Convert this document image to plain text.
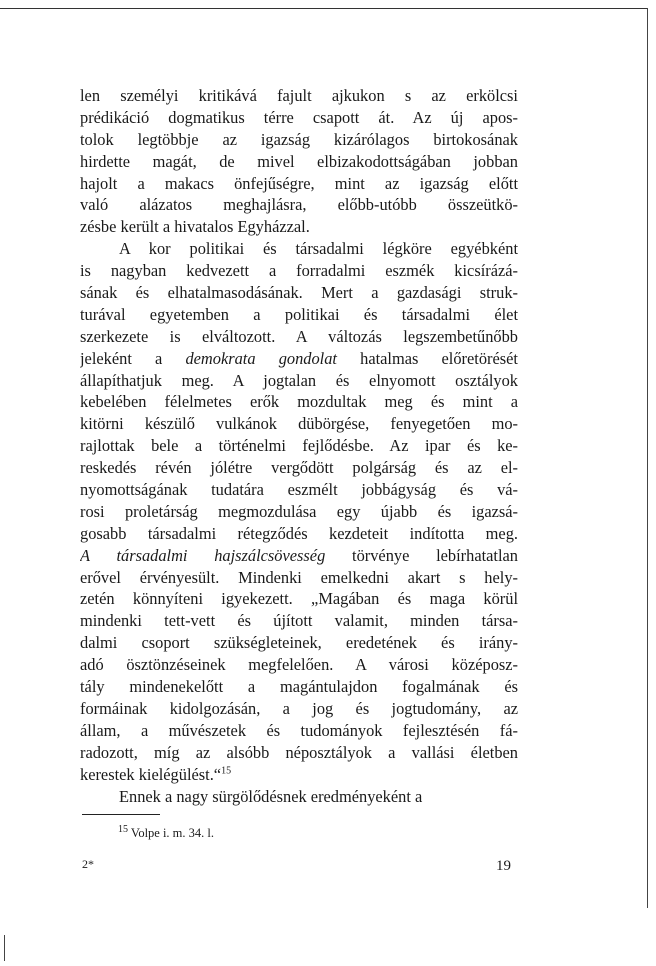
len személyi kritikává fajult ajkukon s az erkölcsi
prédikáció dogmatikus térre csapott át. Az új apos-
tolok legtöbbje az igazság kizárólagos birtokosának
hirdette magát, de mivel elbizakodottságában jobban
hajolt a makacs önfejűségre, mint az igazság előtt
való alázatos meghajlásra, előbb-utóbb összeütkö-
zésbe került a hivatalos Egyházzal.
A kor politikai és társadalmi légköre egyébként
is nagyban kedvezett a forradalmi eszmék kicsírázá-
sának és elhatalmasodásának. Mert a gazdasági struk-
turával egyetemben a politikai és társadalmi élet
szerkezete is elváltozott. A változás legszembetűnőbb
jeleként a demokrata gondolat hatalmas előretörését
állapíthatjuk meg. A jogtalan és elnyomott osztályok
kebelében félelmetes erők mozdultak meg és mint a
kitörni készülő vulkánok dübörgése, fenyegetően mo-
rajlottak bele a történelmi fejlődésbe. Az ipar és ke-
reskedés révén jólétre vergődött polgárság és az el-
nyomottságának tudatára eszmélt jobbágyság és vá-
rosi proletárság megmozdulása egy újabb és igazsá-
gosabb társadalmi rétegződés kezdeteit indította meg.
A társadalmi hajszálcsövesség törvénye lebírhatatlan
erővel érvényesült. Mindenki emelkedni akart s hely-
zetén könnyíteni igyekezett. „Magában és maga körül
mindenki tett-vett és újított valamit, minden társa-
dalmi csoport szükségleteinek, eredetének és irány-
adó ösztönzéseinek megfelelően. A városi középosz-
tály mindenekelőtt a magántulajdon fogalmának és
formáinak kidolgozásán, a jog és jogtudomány, az
állam, a művészetek és tudományok fejlesztésén fá-
radozott, míg az alsóbb néposztályok a vallási életben
kerestek kielégülést.“$^{15}$
Ennek a nagy sürgölődésnek eredményeként a
$^{15}$ Volpe i. m. 34. l.
2*	19
